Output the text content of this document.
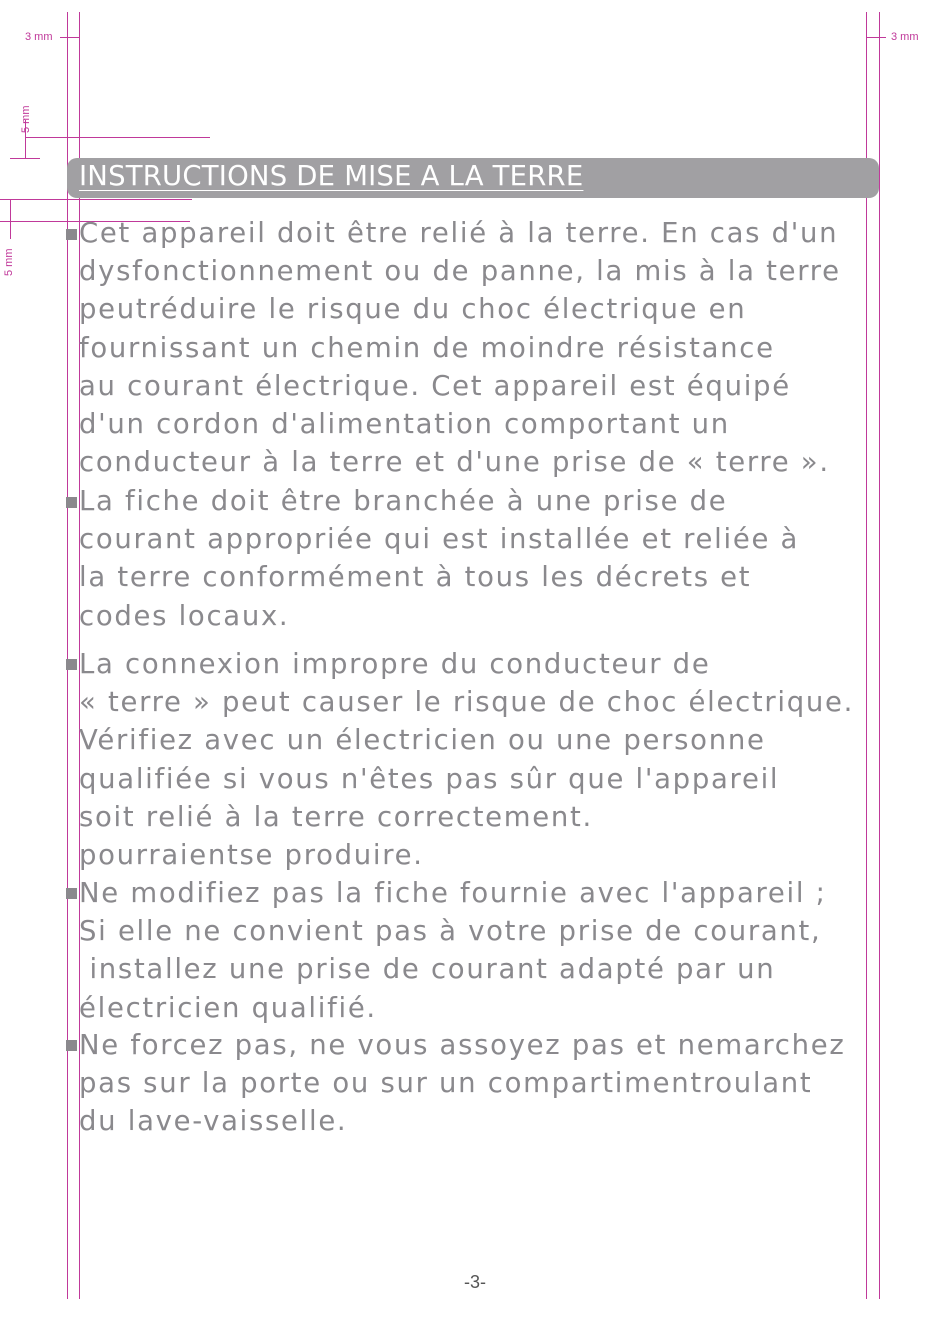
3 mm	3 mm
5 mm
5 mm
INSTRUCTIONS DE MISE A LA TERRE
Cet appareil doit être relié à la terre. En cas d'un
dysfonctionnement ou de panne, la mis à la terre
peutréduire le risque du choc électrique en
fournissant un chemin de moindre résistance
au courant électrique. Cet appareil est équipé
d'un cordon d'alimentation comportant un
conducteur à la terre et d'une prise de « terre ».
La fiche doit être branchée à une prise de
courant appropriée qui est installée et reliée à
la terre conformément à tous les décrets et
codes locaux.
La connexion impropre du conducteur de
« terre » peut causer le risque de choc électrique.
Vérifiez avec un électricien ou une personne
qualifiée si vous n'êtes pas sûr que l'appareil
soit relié à la terre correctement.
pourraientse produire.
Ne modifiez pas la fiche fournie avec l'appareil ;
Si elle ne convient pas à votre prise de courant,
installez une prise de courant adapté par un
électricien qualifié.
Ne forcez pas, ne vous assoyez pas et nemarchez
pas sur la porte ou sur un compartimentroulant
du lave-vaisselle.
-3-
